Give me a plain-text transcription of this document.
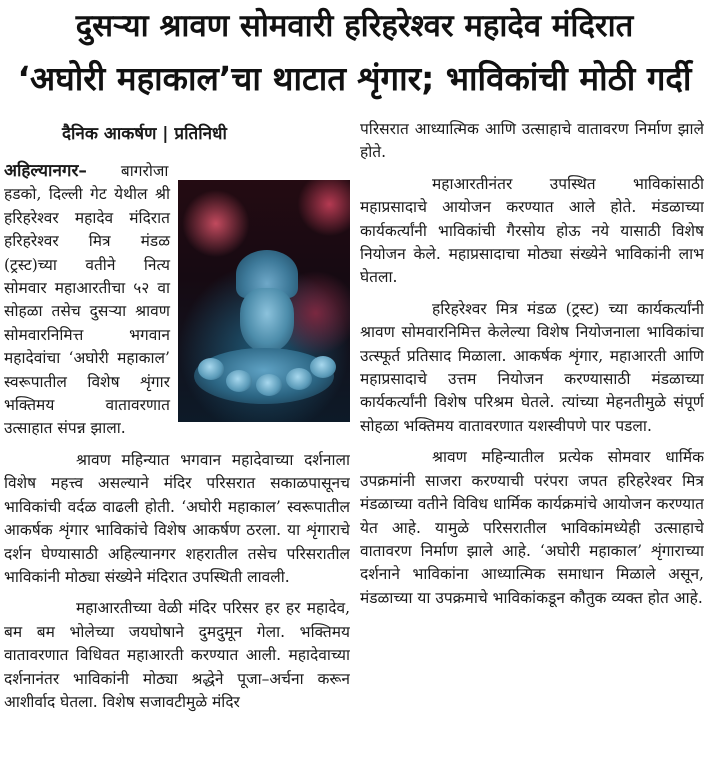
दुसऱ्या श्रावण सोमवारी हरिहरेश्वर महादेव मंदिरात
‘अघोरी महाकाल’चा थाटात शृंगार; भाविकांची मोठी गर्दी
दैनिक आकर्षण | प्रतिनिधी

अहिल्यानगर– बागरोजा हडको, दिल्ली गेट येथील श्री हरिहरेश्वर महादेव मंदिरात हरिहरेश्वर मित्र मंडळ (ट्रस्ट)च्या वतीने नित्य सोमवार महाआरतीचा ५२ वा सोहळा तसेच दुसऱ्या श्रावण सोमवारनिमित्त भगवान महादेवांचा ‘अघोरी महाकाल’ स्वरूपातील विशेष शृंगार भक्तिमय वातावरणात उत्साहात संपन्न झाला.

श्रावण महिन्यात भगवान महादेवाच्या दर्शनाला विशेष महत्त्व असल्याने मंदिर परिसरात सकाळपासूनच भाविकांची वर्दळ वाढली होती. ‘अघोरी महाकाल’ स्वरूपातील आकर्षक शृंगार भाविकांचे विशेष आकर्षण ठरला. या शृंगाराचे दर्शन घेण्यासाठी अहिल्यानगर शहरातील तसेच परिसरातील भाविकांनी मोठ्या संख्येने मंदिरात उपस्थिती लावली.

महाआरतीच्या वेळी मंदिर परिसर हर हर महादेव, बम बम भोलेच्या जयघोषाने दुमदुमून गेला. भक्तिमय वातावरणात विधिवत महाआरती करण्यात आली. महादेवाच्या दर्शनानंतर भाविकांनी मोठ्या श्रद्धेने पूजा–अर्चना करून आशीर्वाद घेतला. विशेष सजावटीमुळे मंदिर

परिसरात आध्यात्मिक आणि उत्साहाचे वातावरण निर्माण झाले होते.

महाआरतीनंतर उपस्थित भाविकांसाठी महाप्रसादाचे आयोजन करण्यात आले होते. मंडळाच्या कार्यकर्त्यांनी भाविकांची गैरसोय होऊ नये यासाठी विशेष नियोजन केले. महाप्रसादाचा मोठ्या संख्येने भाविकांनी लाभ घेतला.

हरिहरेश्वर मित्र मंडळ (ट्रस्ट) च्या कार्यकर्त्यांनी श्रावण सोमवारनिमित्त केलेल्या विशेष नियोजनाला भाविकांचा उत्स्फूर्त प्रतिसाद मिळाला. आकर्षक शृंगार, महाआरती आणि महाप्रसादाचे उत्तम नियोजन करण्यासाठी मंडळाच्या कार्यकर्त्यांनी विशेष परिश्रम घेतले. त्यांच्या मेहनतीमुळे संपूर्ण सोहळा भक्तिमय वातावरणात यशस्वीपणे पार पडला.

श्रावण महिन्यातील प्रत्येक सोमवार धार्मिक उपक्रमांनी साजरा करण्याची परंपरा जपत हरिहरेश्वर मित्र मंडळाच्या वतीने विविध धार्मिक कार्यक्रमांचे आयोजन करण्यात येत आहे. यामुळे परिसरातील भाविकांमध्येही उत्साहाचे वातावरण निर्माण झाले आहे. ‘अघोरी महाकाल’ शृंगाराच्या दर्शनाने भाविकांना आध्यात्मिक समाधान मिळाले असून, मंडळाच्या या उपक्रमाचे भाविकांकडून कौतुक व्यक्त होत आहे.
